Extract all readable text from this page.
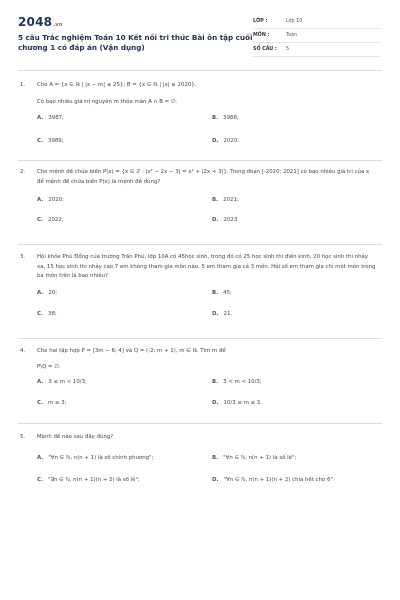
2048.vn
5 câu Trắc nghiệm Toán 10 Kết nối tri thức Bài ôn tập cuối chương 1 có đáp án (Vận dụng)
LỚP :	Lớp 10
MÔN :	Toán
SỐ CÂU :	5
1.	Cho A = {x ∈ ℝ | |x − m| ≤ 25}; B = {x ∈ ℝ | |x| ≥ 2020}.
Có bao nhiêu giá trị nguyên m thỏa mãn A ∩ B = ∅.
A. 3987;	B. 3988;
C. 3989;	D. 2020.
2.	Cho mệnh đề chứa biến P(x) = {x ∈ ℤ : |x² − 2x − 3| = x² + |2x + 3|}. Trong đoạn [-2020; 2021] có bao nhiêu giá trị của x để mệnh đề chứa biến P(x) là mệnh đề đúng?
A. 2020;	B. 2021;
C. 2022;	D. 2023
3.	Hội khỏe Phù Đổng của trường Trần Phú, lớp 10A có 45học sinh, trong đó có 25 học sinh thi điền kinh, 20 học sinh thi nhảy xa, 15 học sinh thi nhảy cao,7 em không tham gia môn nào, 5 em tham gia cả 3 môn. Hỏi số em tham gia chỉ một môn trong ba môn trên là bao nhiêu?
A. 20;	B. 45;
C. 38;	D. 21.
4.	Cho hai tập hợp P = [3m − 6; 4] và Q = (-2; m + 1), m ∈ ℝ. Tìm m để
P\Q = ∅.
A. 3 ≤ m < 10/3;	B. 3 < m < 10/3;
C. m ≥ 3;	D. 10/3 ≤ m ≤ 3.
5.	Mệnh đề nào sau đây đúng?
A. "∀n ∈ ℕ, n(n + 1) là số chính phương";	B. "∀n ∈ ℕ, n(n + 1) là số lẻ";
C. "∃n ∈ ℕ, n(n + 1)(n + 2) là số lẻ";	D. "∀n ∈ ℕ, n(n + 1)(n + 2) chia hết cho 6".
